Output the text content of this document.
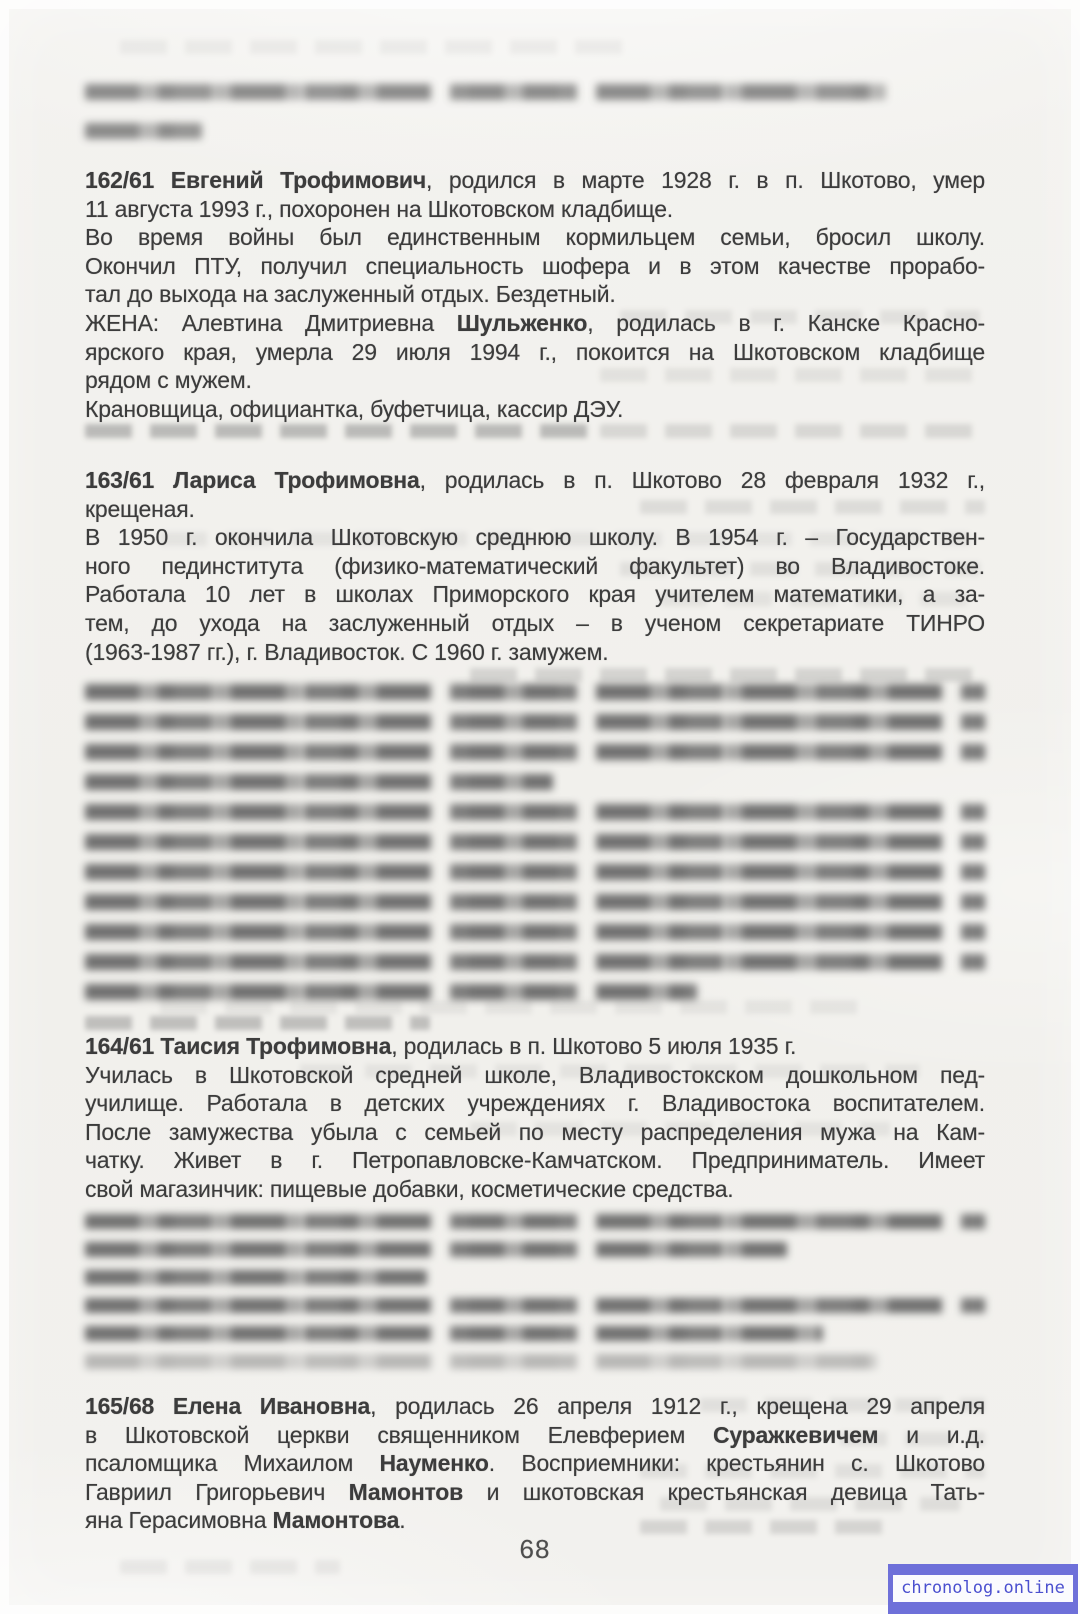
162/61 Евгений Трофимович, родился в марте 1928 г. в п. Шкотово, умер
11 августа 1993 г., похоронен на Шкотовском кладбище.
Во время войны был единственным кормильцем семьи, бросил школу.
Окончил ПТУ, получил специальность шофера и в этом качестве прорабо-
тал до выхода на заслуженный отдых. Бездетный.
ЖЕНА: Алевтина Дмитриевна Шульженко, родилась в г. Канске Красно-
ярского края, умерла 29 июля 1994 г., покоится на Шкотовском кладбище
рядом с мужем.
Крановщица, официантка, буфетчица, кассир ДЭУ.
163/61 Лариса Трофимовна, родилась в п. Шкотово 28 февраля 1932 г.,
крещеная.
В 1950 г. окончила Шкотовскую среднюю школу. В 1954 г. – Государствен-
ного пединститута (физико-математический факультет) во Владивостоке.
Работала 10 лет в школах Приморского края учителем математики, а за-
тем, до ухода на заслуженный отдых – в ученом секретариате ТИНРО
(1963-1987 гг.), г. Владивосток. С 1960 г. замужем.
164/61 Таисия Трофимовна, родилась в п. Шкотово 5 июля 1935 г.
Училась в Шкотовской средней школе, Владивостокском дошкольном пед-
училище. Работала в детских учреждениях г. Владивостока воспитателем.
После замужества убыла с семьей по месту распределения мужа на Кам-
чатку. Живет в г. Петропавловске-Камчатском. Предприниматель. Имеет
свой магазинчик: пищевые добавки, косметические средства.
165/68 Елена Ивановна, родилась 26 апреля 1912 г., крещена 29 апреля
в Шкотовской церкви священником Елевферием Суражкевичем и и.д.
псаломщика Михаилом Науменко. Восприемники: крестьянин с. Шкотово
Гавриил Григорьевич Мамонтов и шкотовская крестьянская девица Тать-
яна Герасимовна Мамонтова.
68
chronolog.online
